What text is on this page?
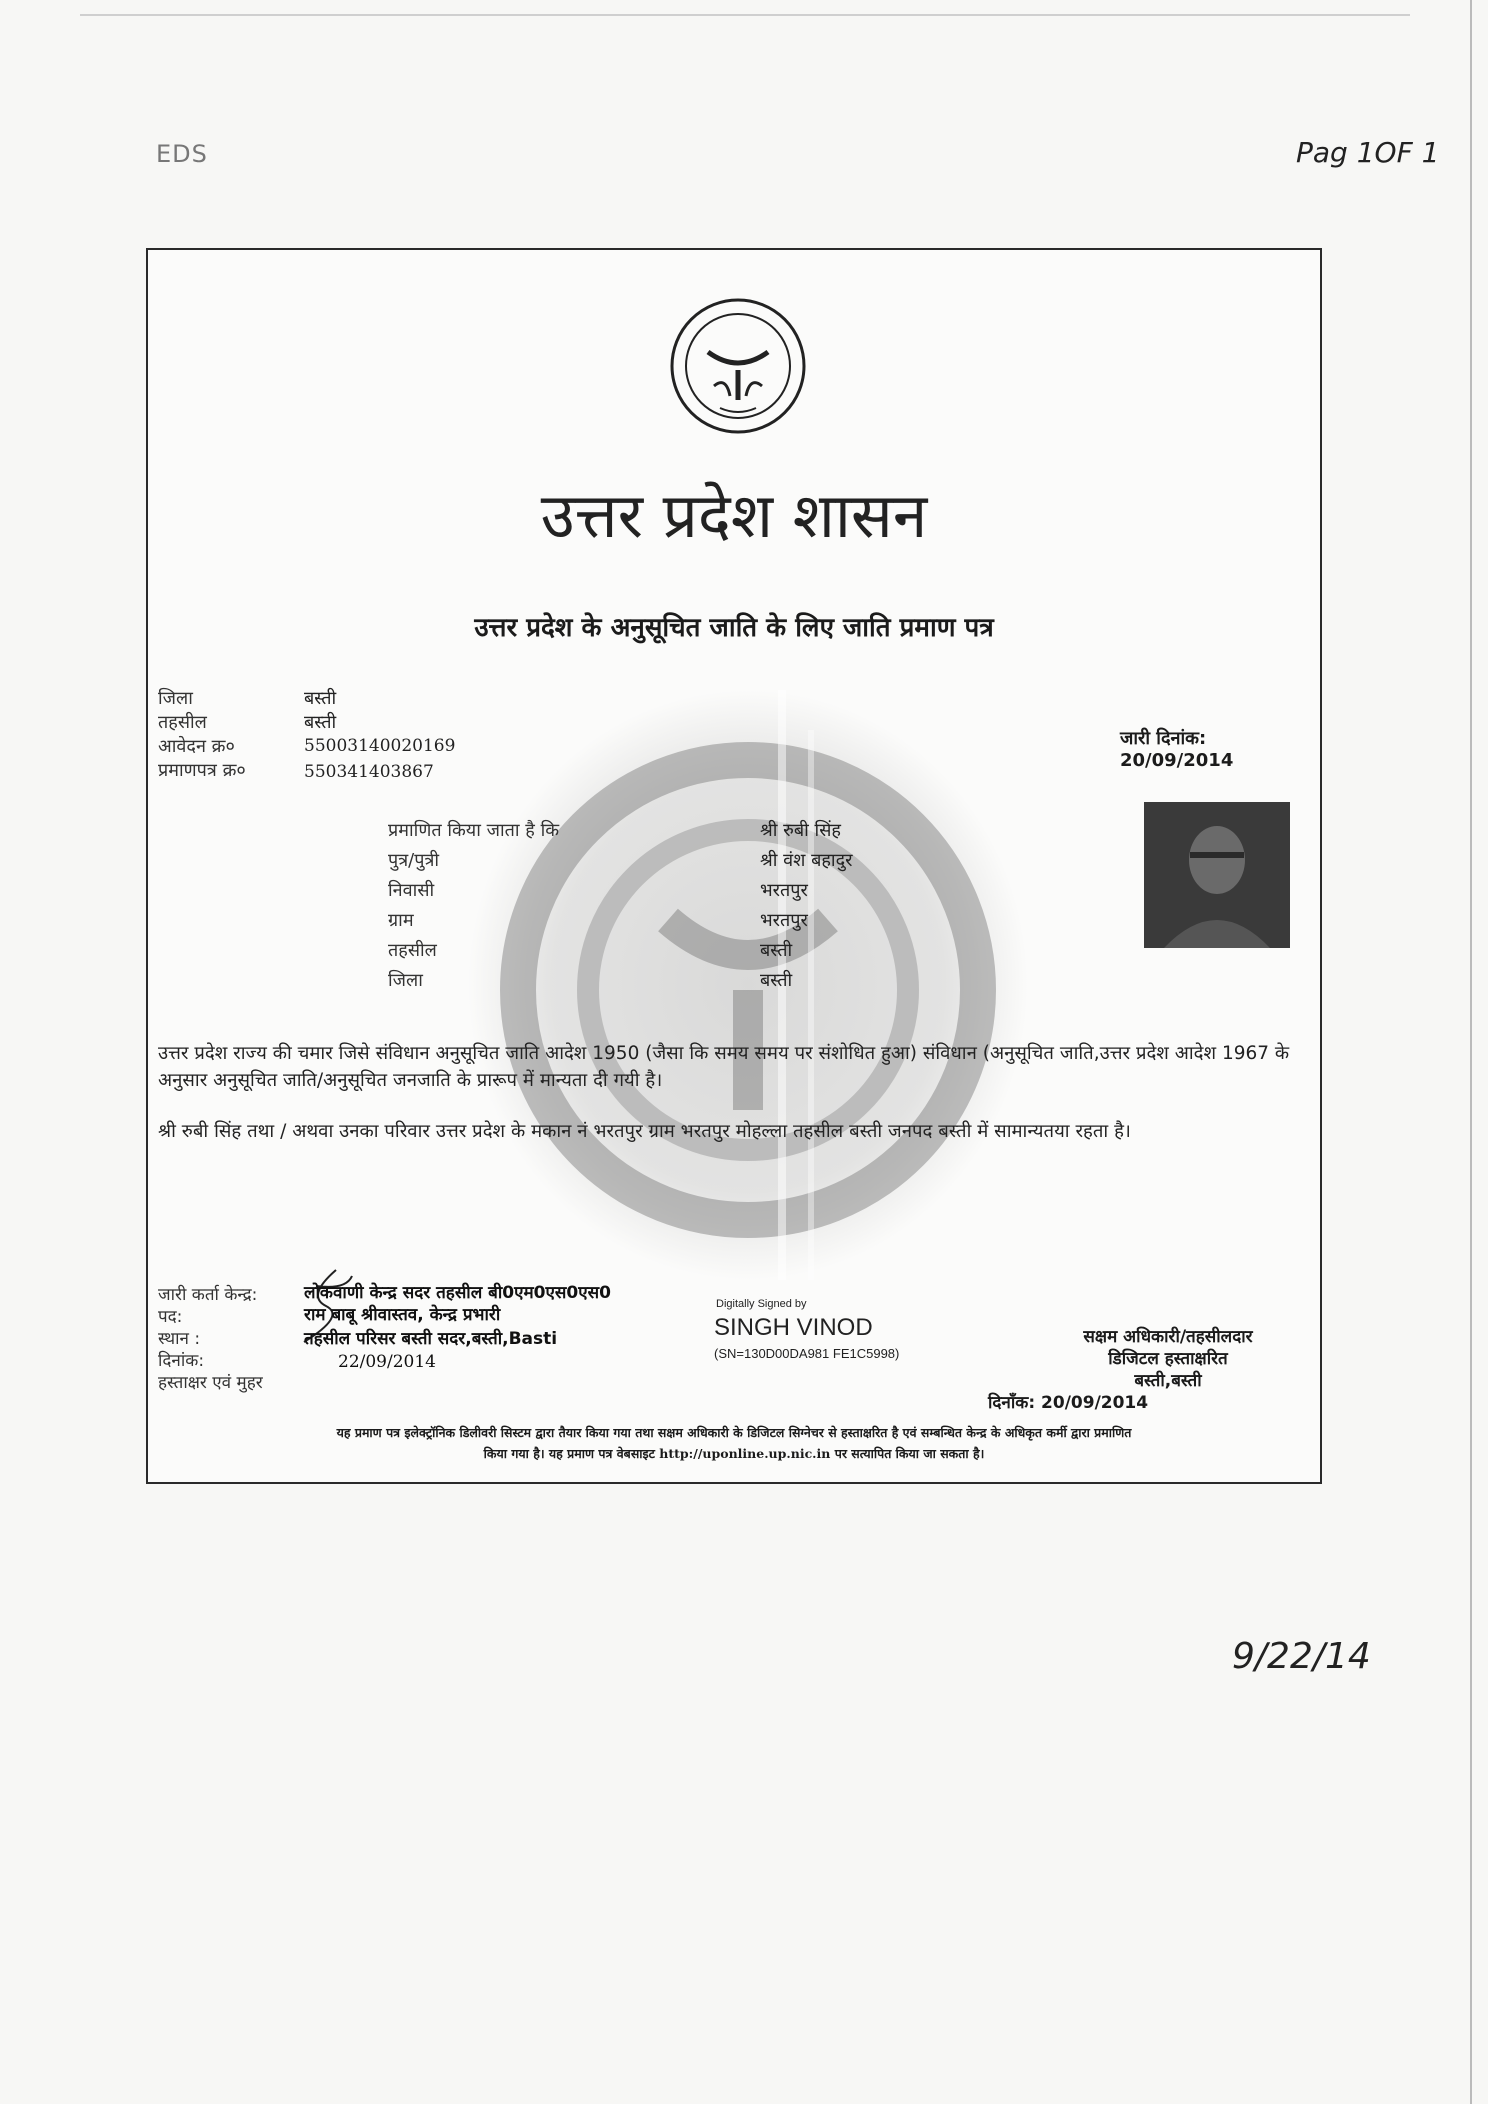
EDS	Pag 1OF 1
9/22/14
उत्तर प्रदेश शासन
उत्तर प्रदेश के अनुसूचित जाति के लिए जाति प्रमाण पत्र
जिला	बस्ती
तहसील	बस्ती
आवेदन क्र०	550031400201​69
प्रमाणपत्र क्र०	550341403867
जारी दिनांक: 20/09/2014
प्रमाणित किया जाता है कि	श्री रुबी सिंह
पुत्र/पुत्री	श्री वंश बहादुर
निवासी	भरतपुर
ग्राम	भरतपुर
तहसील	बस्ती
जिला	बस्ती
उत्तर प्रदेश राज्य की चमार जिसे संविधान अनुसूचित जाति आदेश 1950 (जैसा कि समय समय पर संशोधित हुआ) संविधान (अनुसूचित जाति,उत्तर प्रदेश आदेश 1967 के अनुसार अनुसूचित जाति/अनुसूचित जनजाति के प्रारूप में मान्यता दी गयी है।
श्री रुबी सिंह तथा / अथवा उनका परिवार उत्तर प्रदेश के मकान नं भरतपुर ग्राम भरतपुर मोहल्ला तहसील बस्ती जनपद बस्ती में सामान्यतया रहता है।
जारी कर्ता केन्द्र:	लोकवाणी केन्द्र सदर तहसील बी0एम0एस0एस0
पद:	राम बाबू श्रीवास्तव, केन्द्र प्रभारी
स्थान :	तहसील परिसर बस्ती सदर,बस्ती,Basti
दिनांक:	22/09/2014
हस्ताक्षर एवं मुहर
Digitally Signed by
SINGH VINOD
(SN=130D00DA981 FE1C5998)
सक्षम अधिकारी/तहसीलदार
डिजिटल हस्ताक्षरित
बस्ती,बस्ती
दिनाँक: 20/09/2014
यह प्रमाण पत्र इलेक्ट्रॉनिक डिलीवरी सिस्टम द्वारा तैयार किया गया तथा सक्षम अधिकारी के डिजिटल सिग्नेचर से हस्ताक्षरित है एवं सम्बन्धित केन्द्र के अधिकृत कर्मी द्वारा प्रमाणित
किया गया है। यह प्रमाण पत्र वेबसाइट http://uponline.up.nic.in पर सत्यापित किया जा सकता है।
